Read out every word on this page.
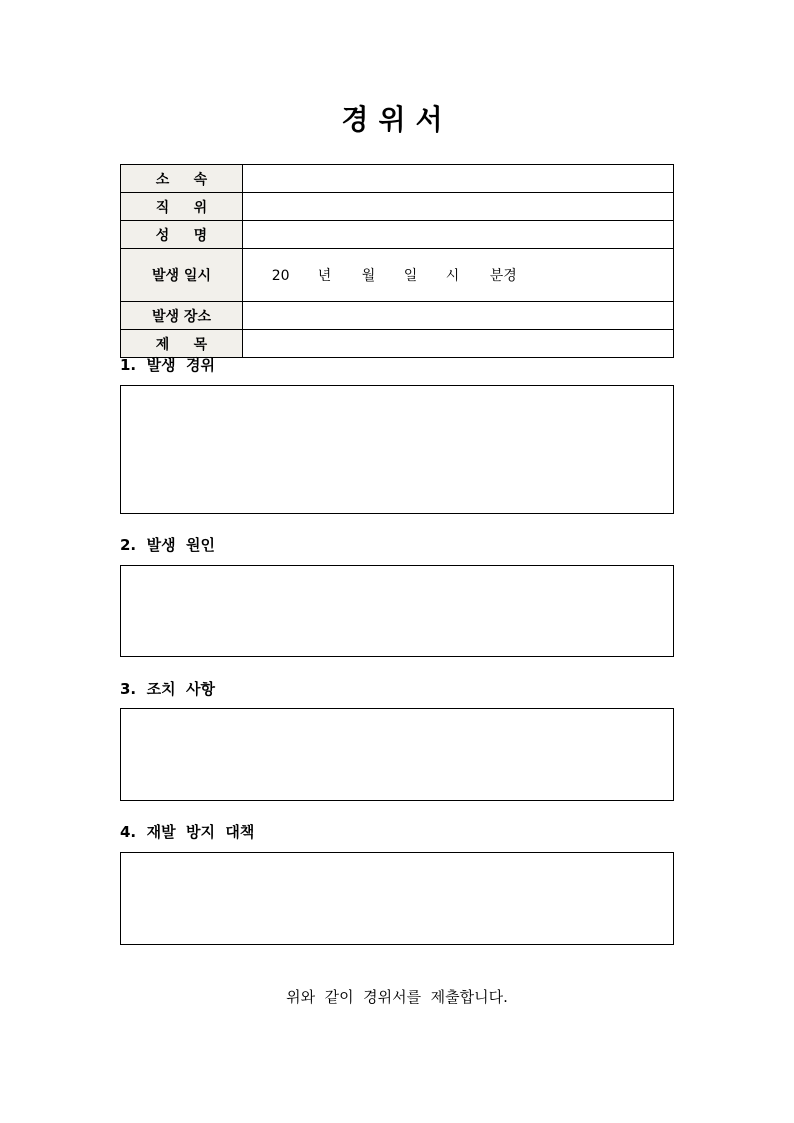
경위서
소     속	
직     위	
성     명	
발생 일시	20 년 월 일 시 분경

발생 장소	
제     목	
1.  발생  경위
2.  발생  원인
3.  조치  사항
4.  재발  방지  대책
위와  같이  경위서를  제출합니다.
